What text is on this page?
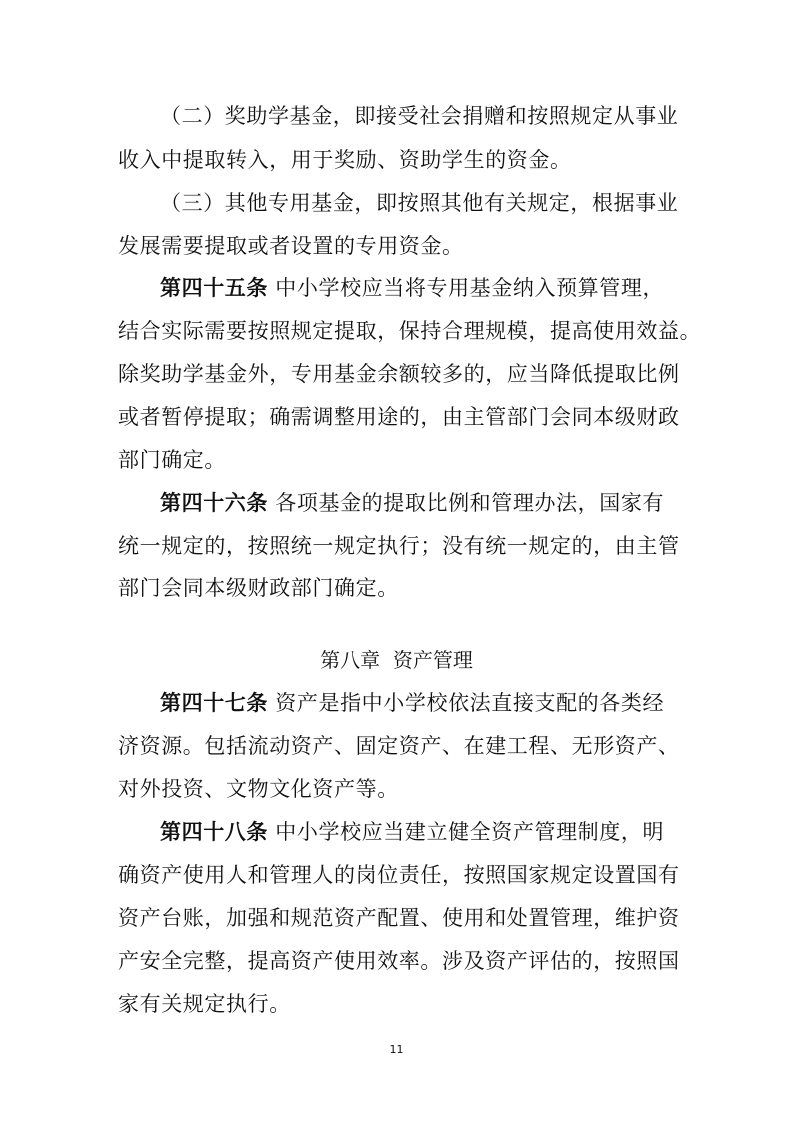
（二）奖助学基金，即接受社会捐赠和按照规定从事业
收入中提取转入，用于奖励、资助学生的资金。
（三）其他专用基金，即按照其他有关规定，根据事业
发展需要提取或者设置的专用资金。
第四十五条 中小学校应当将专用基金纳入预算管理，
结合实际需要按照规定提取，保持合理规模，提高使用效益。
除奖助学基金外，专用基金余额较多的，应当降低提取比例
或者暂停提取；确需调整用途的，由主管部门会同本级财政
部门确定。
第四十六条 各项基金的提取比例和管理办法，国家有
统一规定的，按照统一规定执行；没有统一规定的，由主管
部门会同本级财政部门确定。
第八章  资产管理
第四十七条 资产是指中小学校依法直接支配的各类经
济资源。包括流动资产、固定资产、在建工程、无形资产、
对外投资、文物文化资产等。
第四十八条 中小学校应当建立健全资产管理制度，明
确资产使用人和管理人的岗位责任，按照国家规定设置国有
资产台账，加强和规范资产配置、使用和处置管理，维护资
产安全完整，提高资产使用效率。涉及资产评估的，按照国
家有关规定执行。
11
